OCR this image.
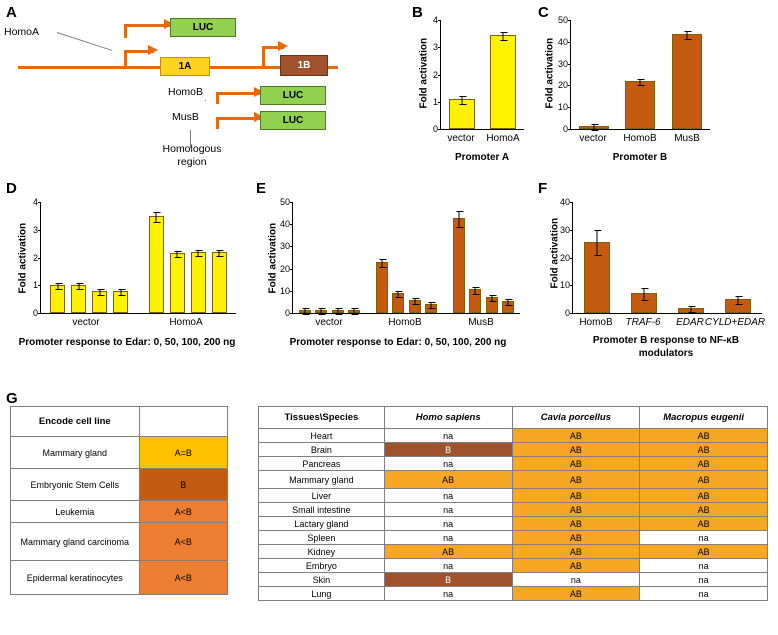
A	B	C
D	E	F
G
LUC
1A	1B
LUC
LUC
HomoA
HomoB
MusB
Homologous
region
Fold activation
0
1
2
3
4
vector	HomoA
Promoter A
Fold activation
0
10
20
30
40
50
vector	HomoB	MusB
Promoter B
Fold activation
0
1
2
3
4
vector	HomoA
Promoter response to Edar: 0, 50, 100, 200 ng
Fold activation
0
10
20
30
40
50
vector	HomoB	MusB
Promoter response to Edar: 0, 50, 100, 200 ng
Fold activation
0
10
20
30
40
HomoB	TRAF-6	EDAR CYLD+EDAR
Promoter B response to NF-κB modulators
Encode cell line	
Mammary gland	A=B
Embryonic Stem Cells	B
Leukemia	A<B
Mammary gland carcinoma	A<B
Epidermal keratinocytes	A<B
Tissues\Species	Homo sapiens	Cavia porcellus	Macropus eugenii
Heart	na	AB	AB
Brain	B	AB	AB
Pancreas	na	AB	AB
Mammary gland	AB	AB	AB
Liver	na	AB	AB
Small intestine	na	AB	AB
Lactary gland	na	AB	AB
Spleen	na	AB	na
Kidney	AB	AB	AB
Embryo	na	AB	na
Skin	B	na	na
Lung	na	AB	na
